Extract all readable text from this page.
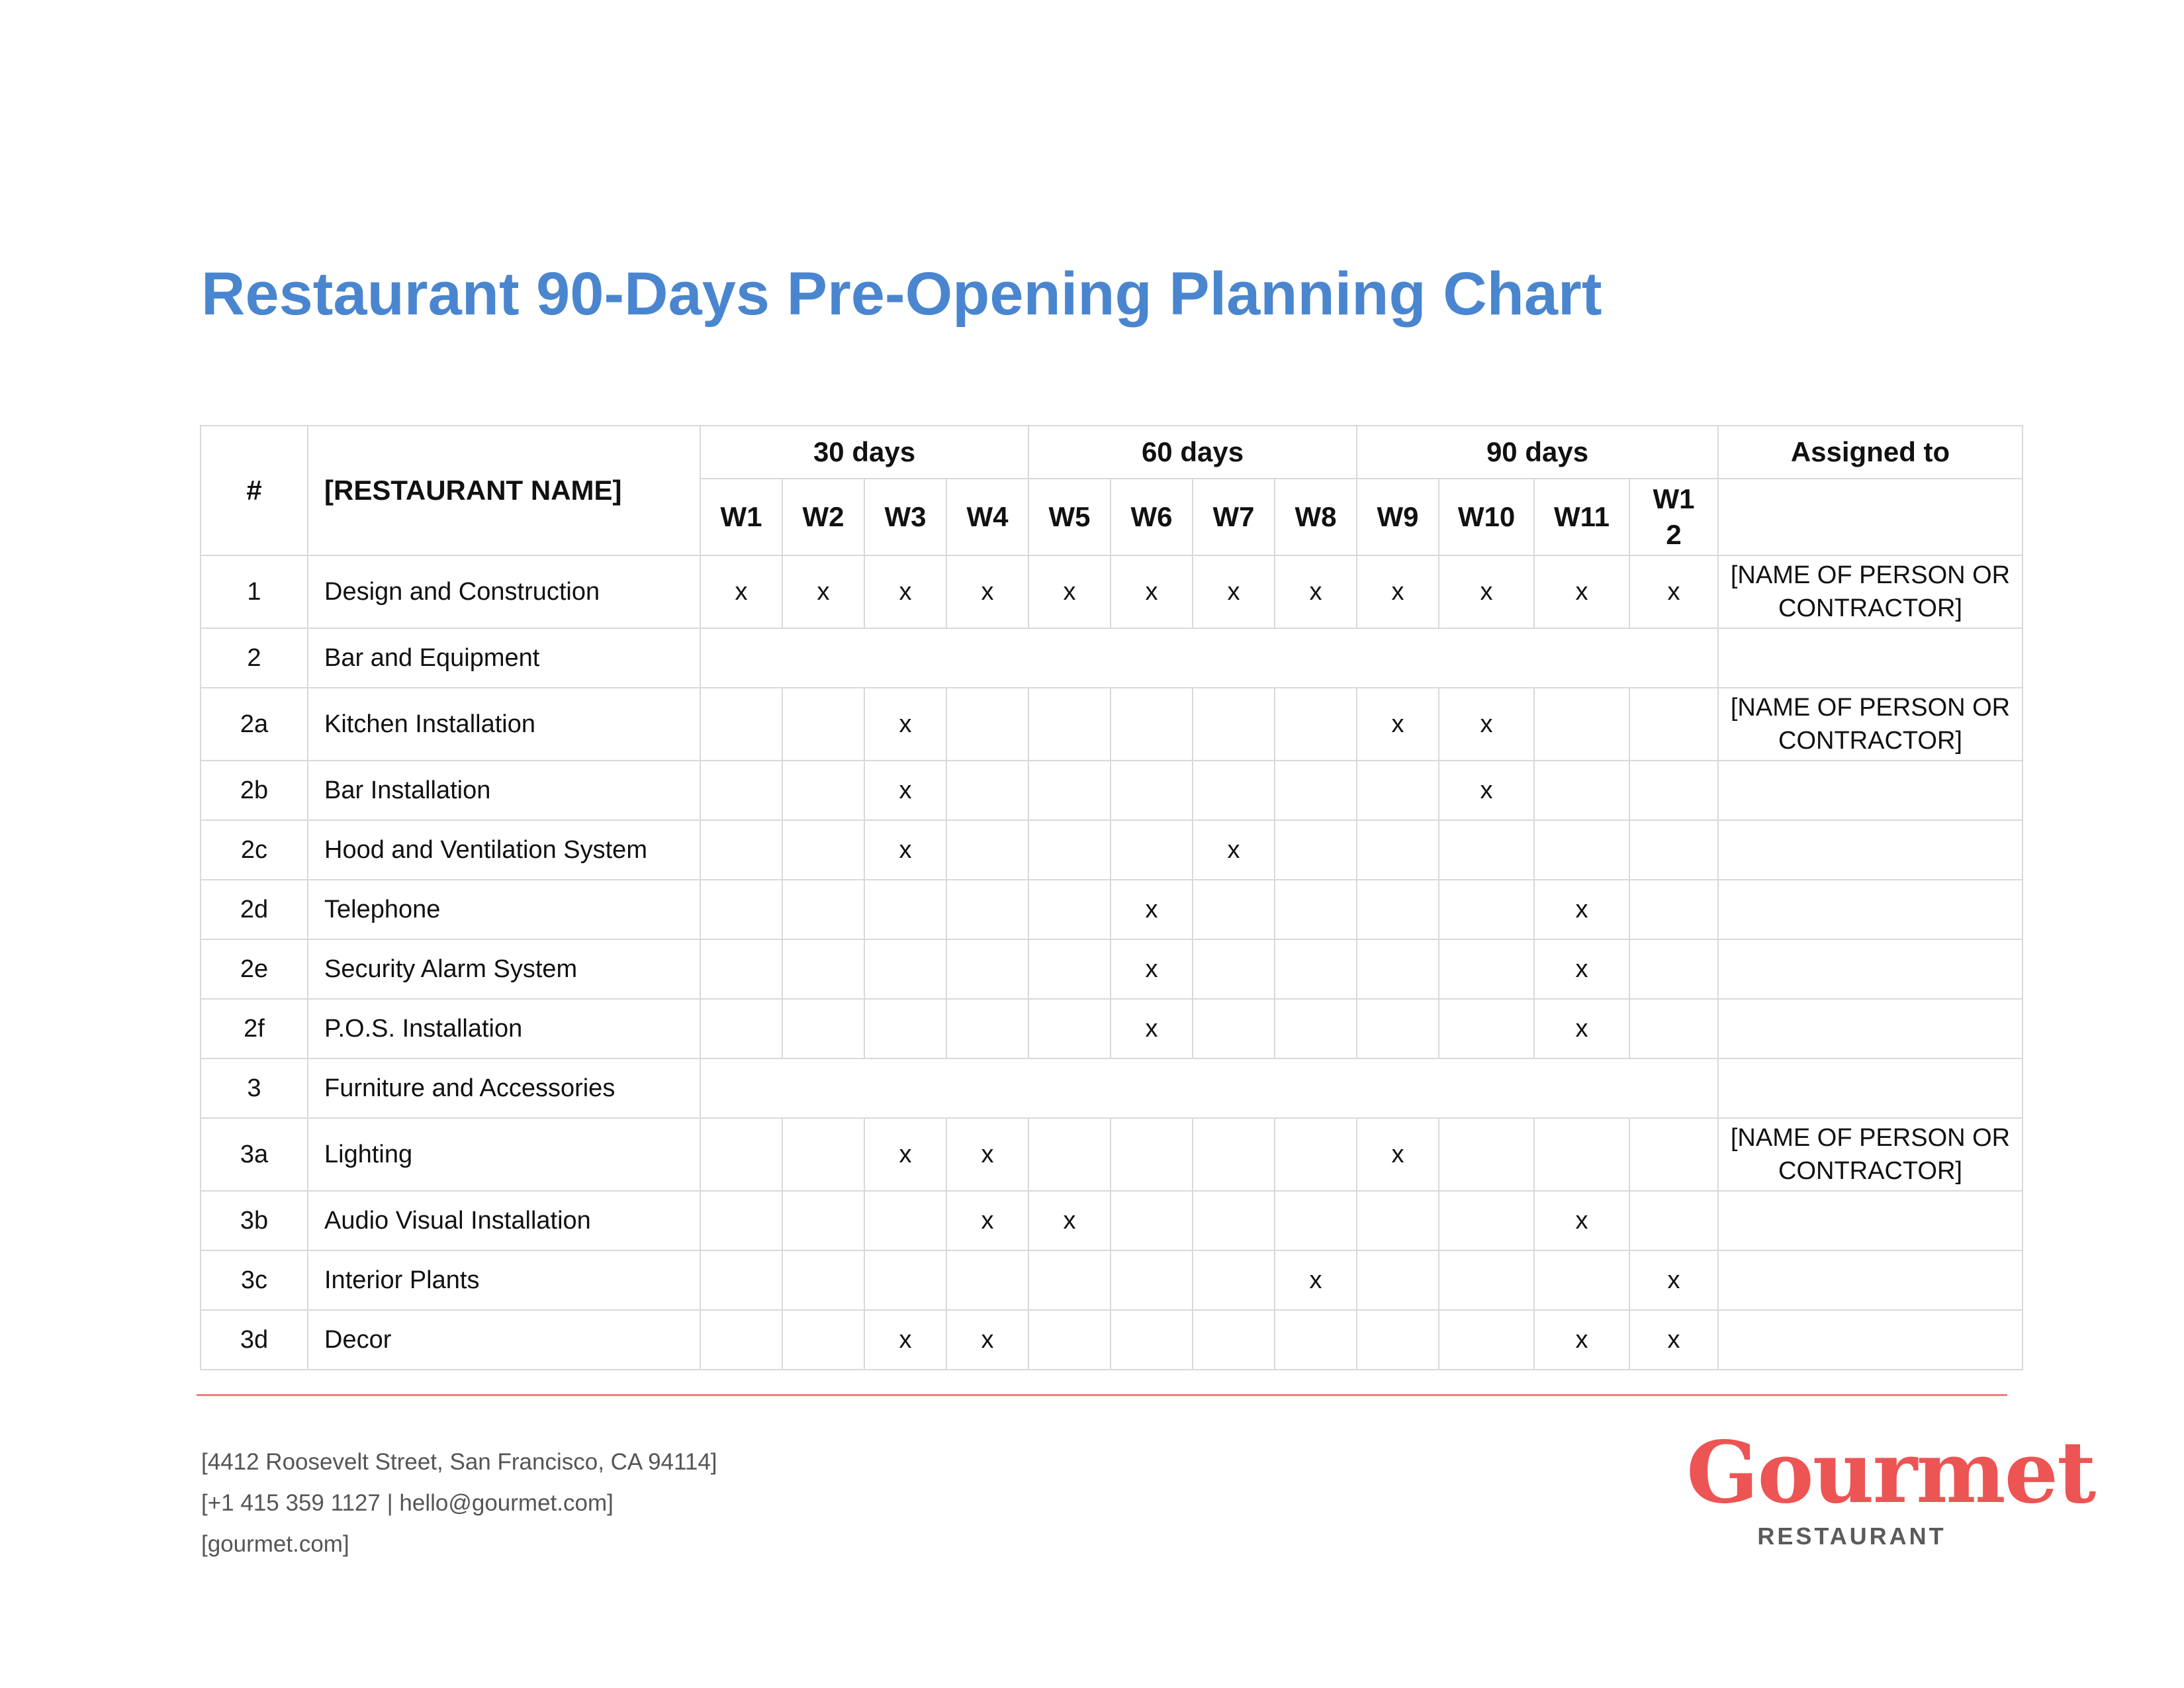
Restaurant 90-Days Pre-Opening Planning Chart
#	[RESTAURANT NAME]	30 days				60 days				90 days				Assigned to
		W1	W2	W3	W4	W5	W6	W7	W8	W9	W10	W11	W1 2	
1	Design and Construction	x	x	x	x	x	x	x	x	x	x	x	x	[NAME OF PERSON OR CONTRACTOR]
2	Bar and Equipment													
2a	Kitchen Installation			x						x	x			[NAME OF PERSON OR CONTRACTOR]
2b	Bar Installation			x							x			
2c	Hood and Ventilation System			x				x						
2d	Telephone						x					x		
2e	Security Alarm System						x					x		
2f	P.O.S. Installation						x					x		
3	Furniture and Accessories													
3a	Lighting			x	x					x				[NAME OF PERSON OR CONTRACTOR]
3b	Audio Visual Installation				x	x						x		
3c	Interior Plants								x				x	
3d	Decor			x	x							x	x	
[4412 Roosevelt Street, San Francisco, CA 94114]
[+1 415 359 1127 | hello@gourmet.com]
[gourmet.com]
Gourmet
RESTAURANT
